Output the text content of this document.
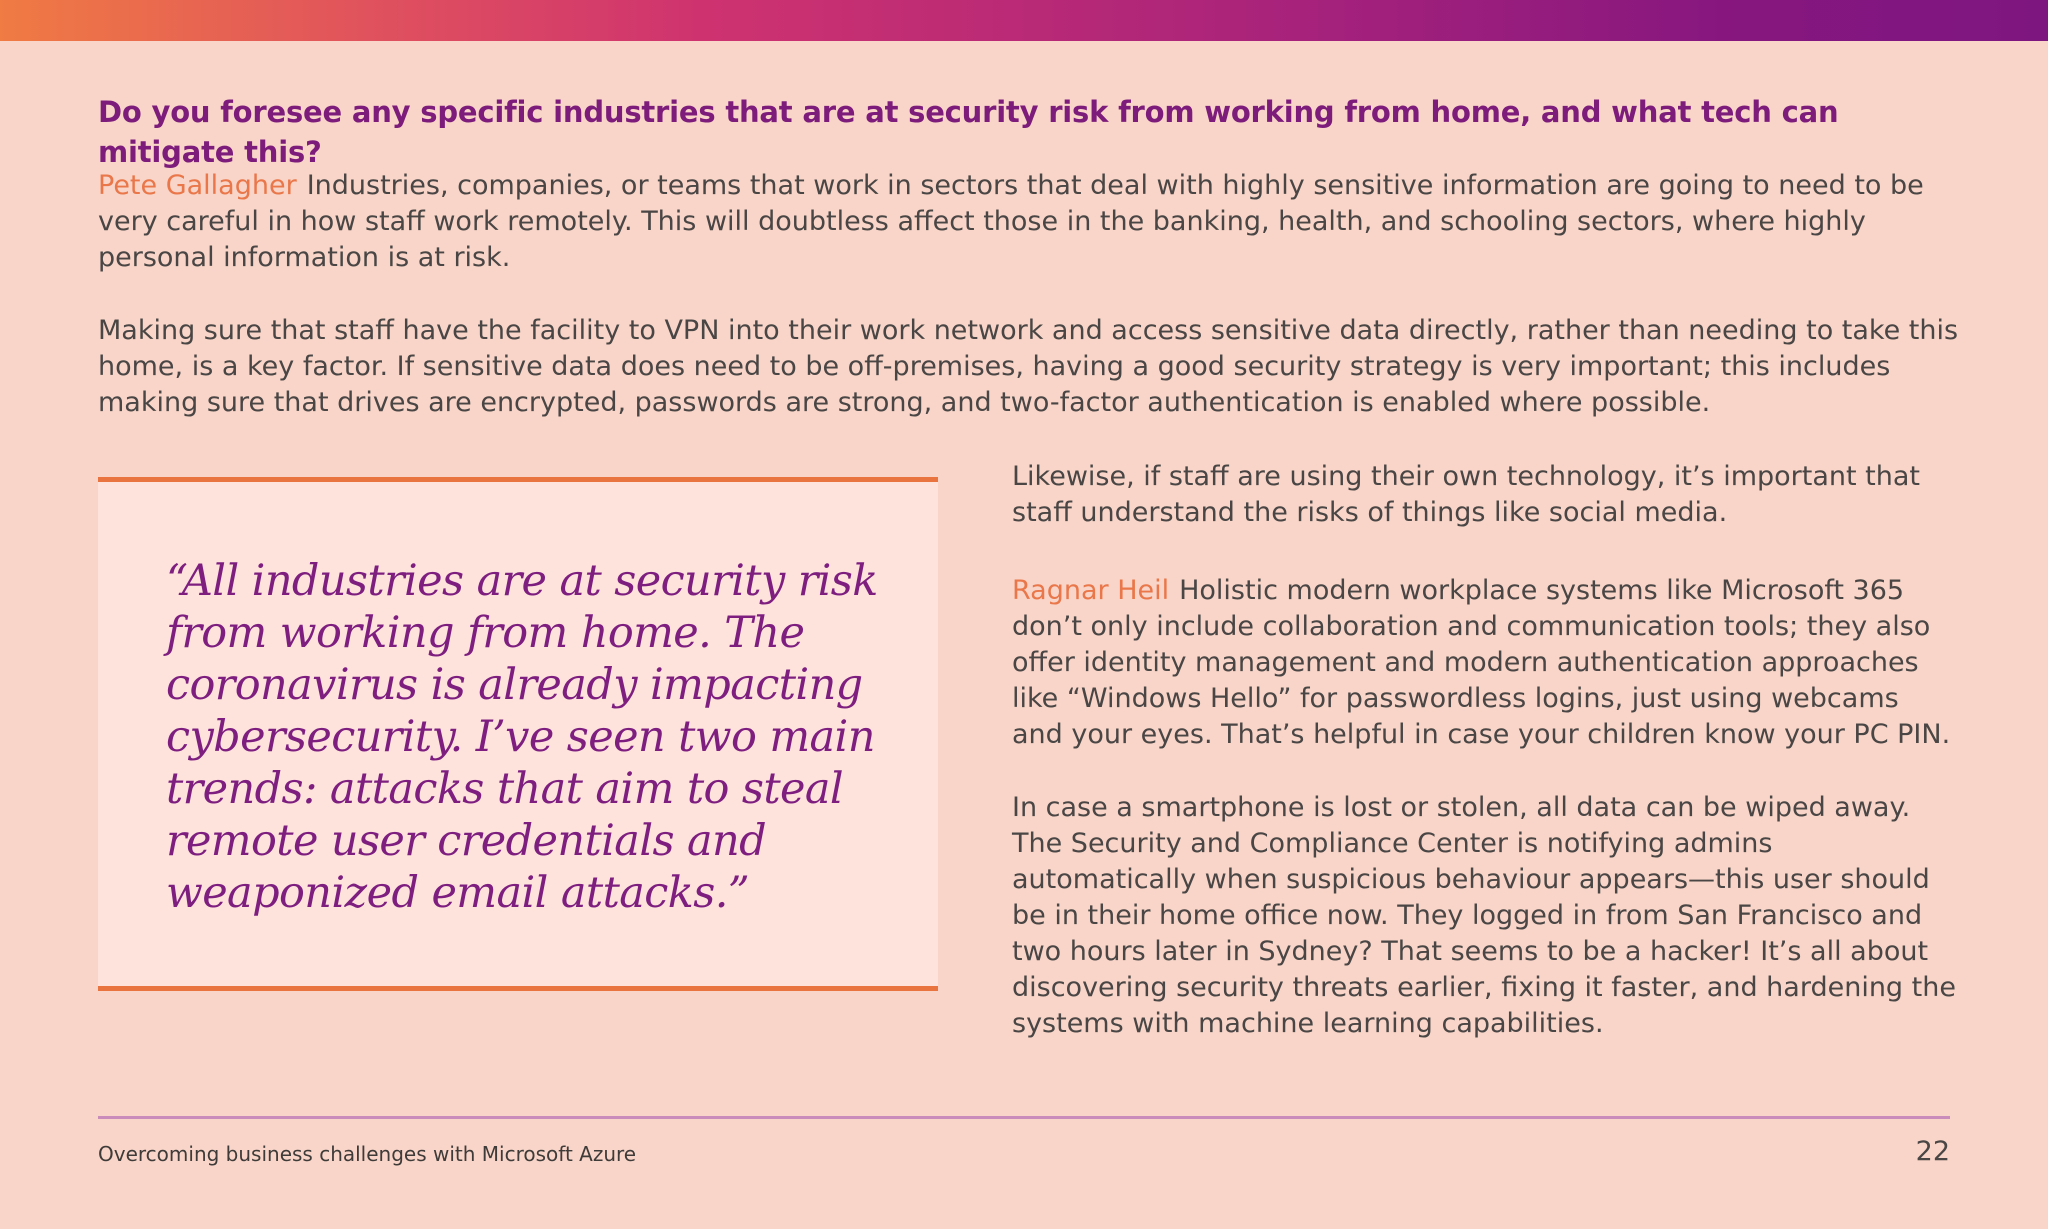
Do you foresee any specific industries that are at security risk from working from home, and what tech can mitigate this?

Pete Gallagher Industries, companies, or teams that work in sectors that deal with highly sensitive information are going to need to be very careful in how staff work remotely. This will doubtless affect those in the banking, health, and schooling sectors, where highly personal information is at risk.

Making sure that staff have the facility to VPN into their work network and access sensitive data directly, rather than needing to take this home, is a key factor. If sensitive data does need to be off-premises, having a good security strategy is very important; this includes making sure that drives are encrypted, passwords are strong, and two-factor authentication is enabled where possible.

“All industries are at security risk from working from home. The coronavirus is already impacting cybersecurity. I’ve seen two main trends: attacks that aim to steal remote user credentials and weaponized email attacks.”

Likewise, if staff are using their own technology, it’s important that staff understand the risks of things like social media.

Ragnar Heil Holistic modern workplace systems like Microsoft 365 don’t only include collaboration and communication tools; they also offer identity management and modern authentication approaches like “Windows Hello” for passwordless logins, just using webcams and your eyes. That’s helpful in case your children know your PC PIN.

In case a smartphone is lost or stolen, all data can be wiped away. The Security and Compliance Center is notifying admins automatically when suspicious behaviour appears—this user should be in their home office now. They logged in from San Francisco and two hours later in Sydney? That seems to be a hacker! It’s all about discovering security threats earlier, fixing it faster, and hardening the systems with machine learning capabilities.

Overcoming business challenges with Microsoft Azure	22
